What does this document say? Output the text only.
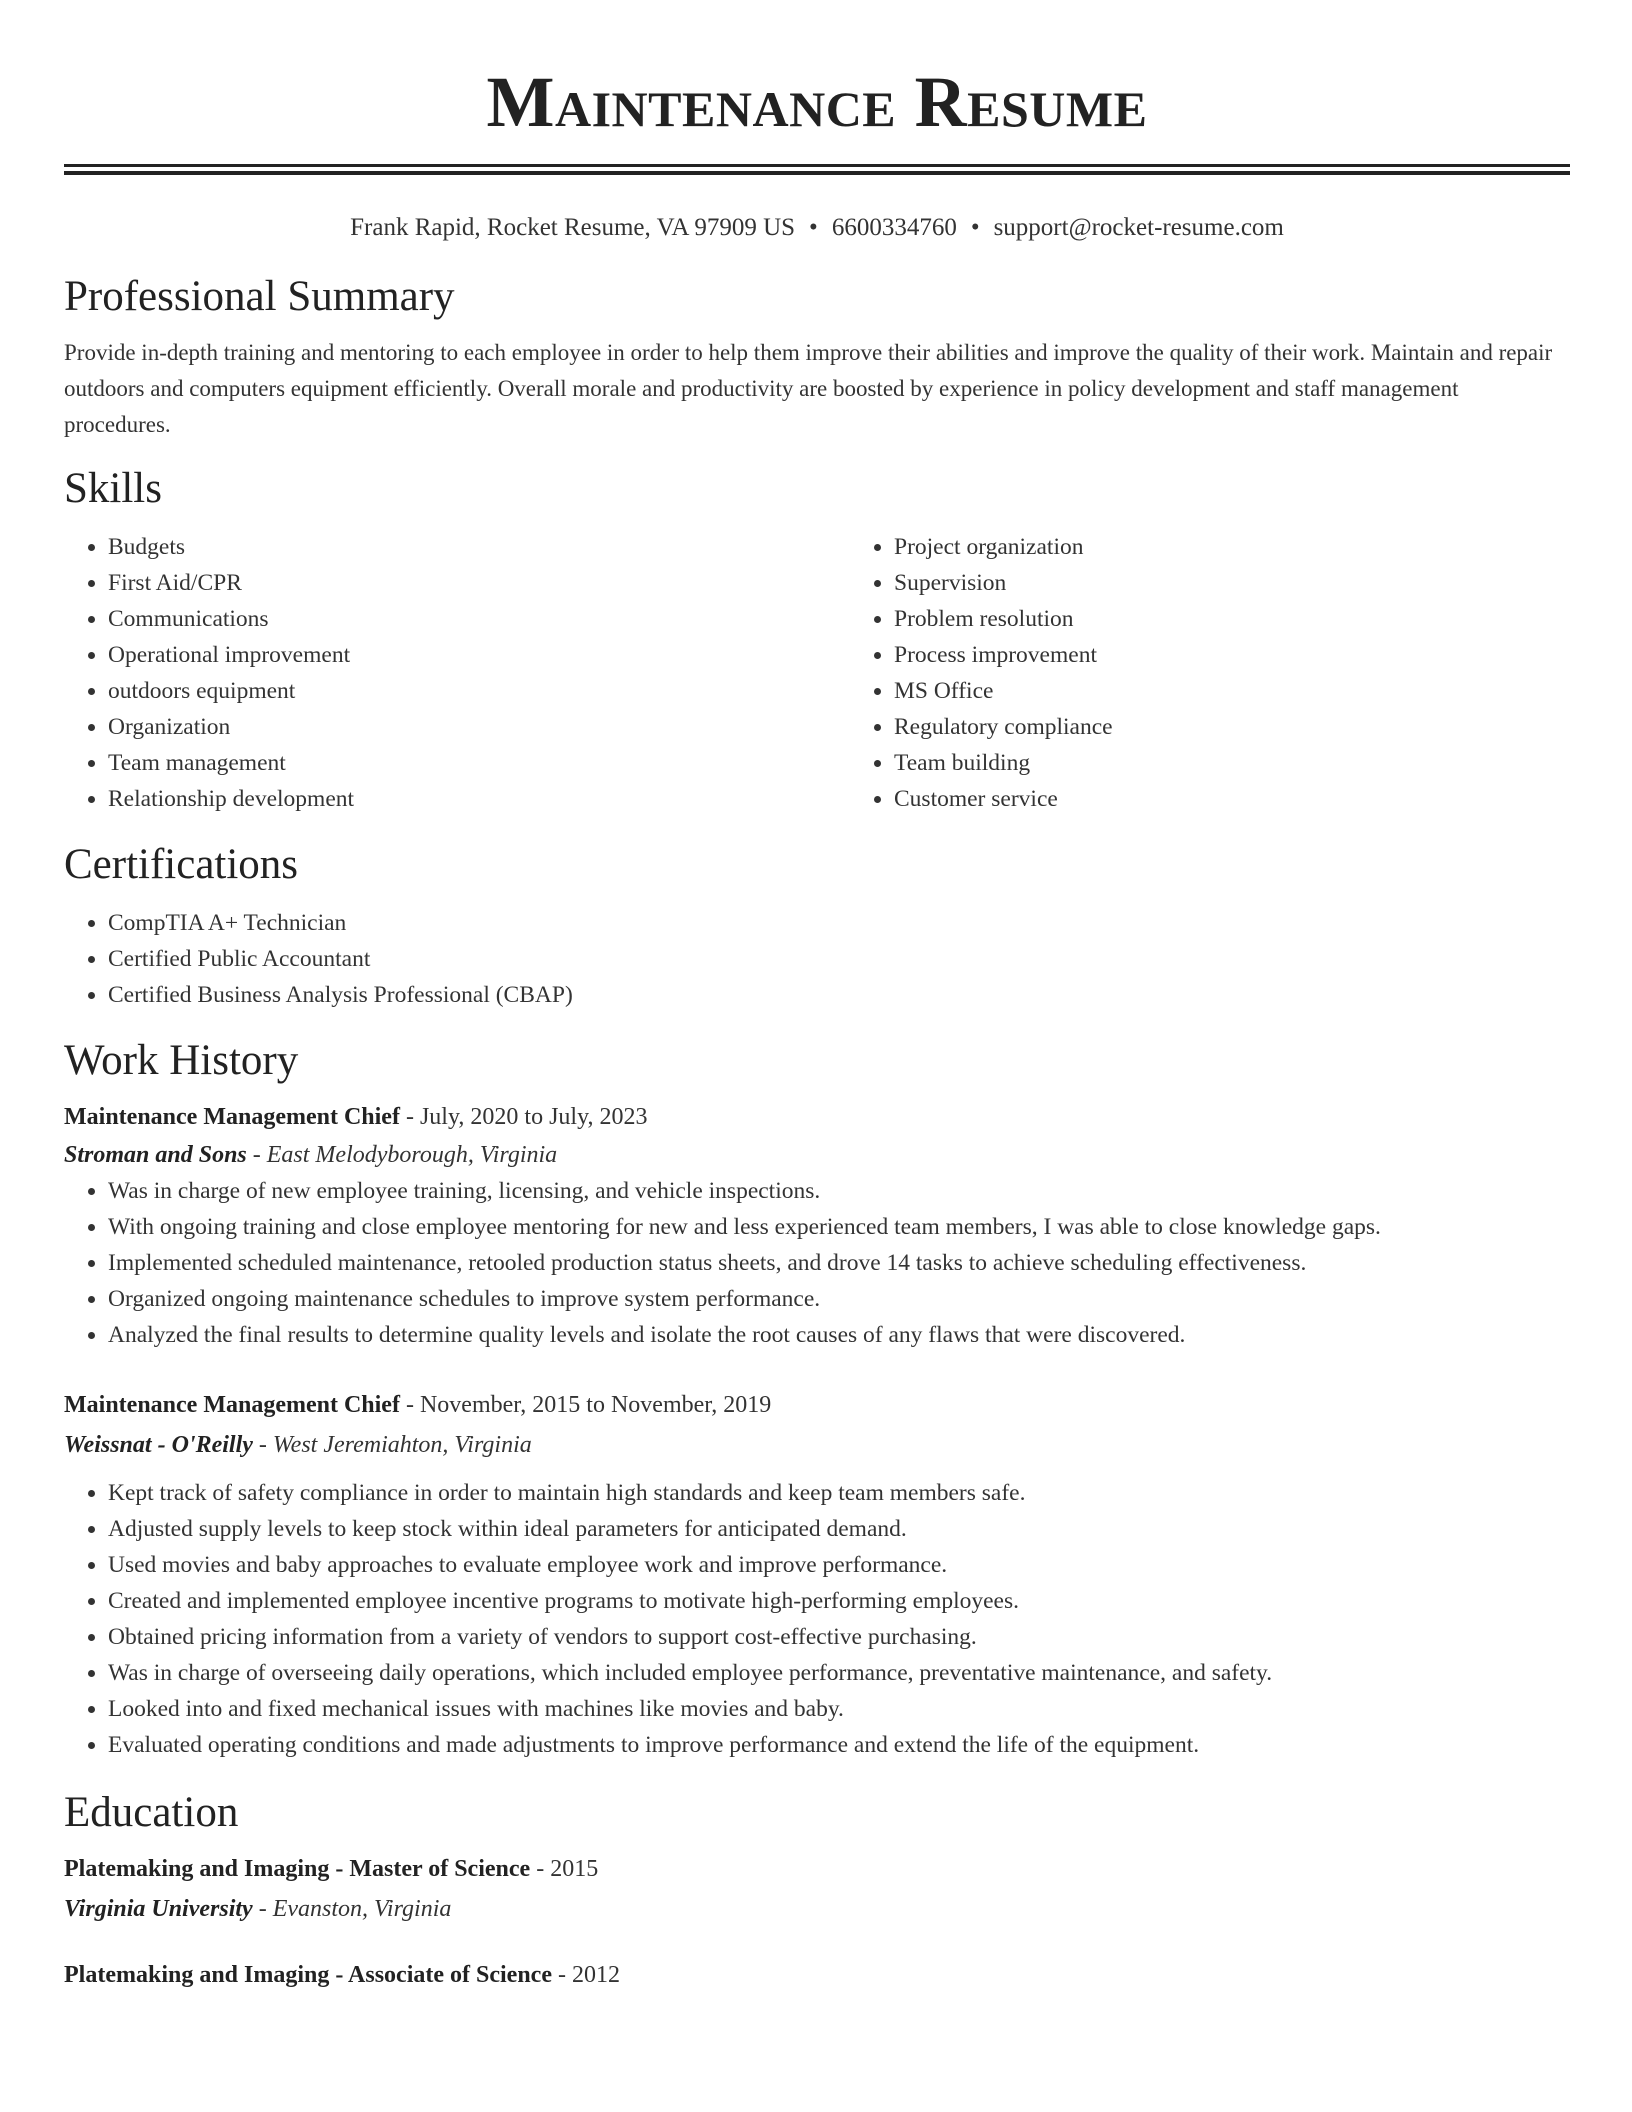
Maintenance Resume
Frank Rapid, Rocket Resume, VA 97909 US • 6600334760 • support@rocket-resume.com
Professional Summary

Provide in-depth training and mentoring to each employee in order to help them improve their abilities and improve the quality of their work. Maintain and repair outdoors and computers equipment efficiently. Overall morale and productivity are boosted by experience in policy development and staff management procedures.

Skills
• Budgets
• First Aid/CPR
• Communications
• Operational improvement
• outdoors equipment
• Organization
• Team management
• Relationship development
• Project organization
• Supervision
• Problem resolution
• Process improvement
• MS Office
• Regulatory compliance
• Team building
• Customer service
Certifications
• CompTIA A+ Technician
• Certified Public Accountant
• Certified Business Analysis Professional (CBAP)
Work History
Maintenance Management Chief - July, 2020 to July, 2023
Stroman and Sons - East Melodyborough, Virginia
• Was in charge of new employee training, licensing, and vehicle inspections.
• With ongoing training and close employee mentoring for new and less experienced team members, I was able to close knowledge gaps.
• Implemented scheduled maintenance, retooled production status sheets, and drove 14 tasks to achieve scheduling effectiveness.
• Organized ongoing maintenance schedules to improve system performance.
• Analyzed the final results to determine quality levels and isolate the root causes of any flaws that were discovered.
Maintenance Management Chief - November, 2015 to November, 2019
Weissnat - O'Reilly - West Jeremiahton, Virginia
• Kept track of safety compliance in order to maintain high standards and keep team members safe.
• Adjusted supply levels to keep stock within ideal parameters for anticipated demand.
• Used movies and baby approaches to evaluate employee work and improve performance.
• Created and implemented employee incentive programs to motivate high-performing employees.
• Obtained pricing information from a variety of vendors to support cost-effective purchasing.
• Was in charge of overseeing daily operations, which included employee performance, preventative maintenance, and safety.
• Looked into and fixed mechanical issues with machines like movies and baby.
• Evaluated operating conditions and made adjustments to improve performance and extend the life of the equipment.
Education
Platemaking and Imaging - Master of Science - 2015
Virginia University - Evanston, Virginia
Platemaking and Imaging - Associate of Science - 2012
